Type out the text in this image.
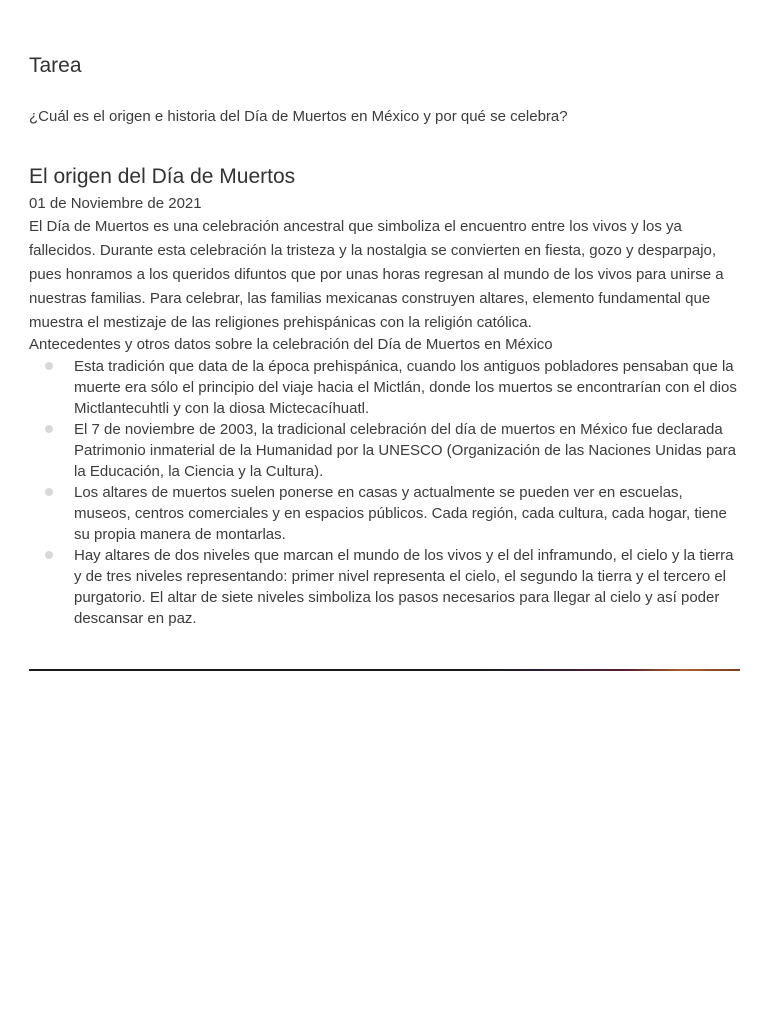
Tarea

¿Cuál es el origen e historia del Día de Muertos en México y por qué se celebra?

El origen del Día de Muertos

01 de Noviembre de 2021

El Día de Muertos es una celebración ancestral que simboliza el encuentro entre los vivos y los ya fallecidos. Durante esta celebración la tristeza y la nostalgia se convierten en fiesta, gozo y desparpajo, pues honramos a los queridos difuntos que por unas horas regresan al mundo de los vivos para unirse a nuestras familias. Para celebrar, las familias mexicanas construyen altares, elemento fundamental que muestra el mestizaje de las religiones prehispánicas con la religión católica.

Antecedentes y otros datos sobre la celebración del Día de Muertos en México

Esta tradición que data de la época prehispánica, cuando los antiguos pobladores pensaban que la muerte era sólo el principio del viaje hacia el Mictlán, donde los muertos se encontrarían con el dios Mictlantecuhtli y con la diosa Mictecacíhuatl.
El 7 de noviembre de 2003, la tradicional celebración del día de muertos en México fue declarada Patrimonio inmaterial de la Humanidad por la UNESCO (Organización de las Naciones Unidas para la Educación, la Ciencia y la Cultura).
Los altares de muertos suelen ponerse en casas y actualmente se pueden ver en escuelas, museos, centros comerciales y en espacios públicos. Cada región, cada cultura, cada hogar, tiene su propia manera de montarlas.
Hay altares de dos niveles que marcan el mundo de los vivos y el del inframundo, el cielo y la tierra y de tres niveles representando: primer nivel representa el cielo, el segundo la tierra y el tercero el purgatorio. El altar de siete niveles simboliza los pasos necesarios para llegar al cielo y así poder descansar en paz.
